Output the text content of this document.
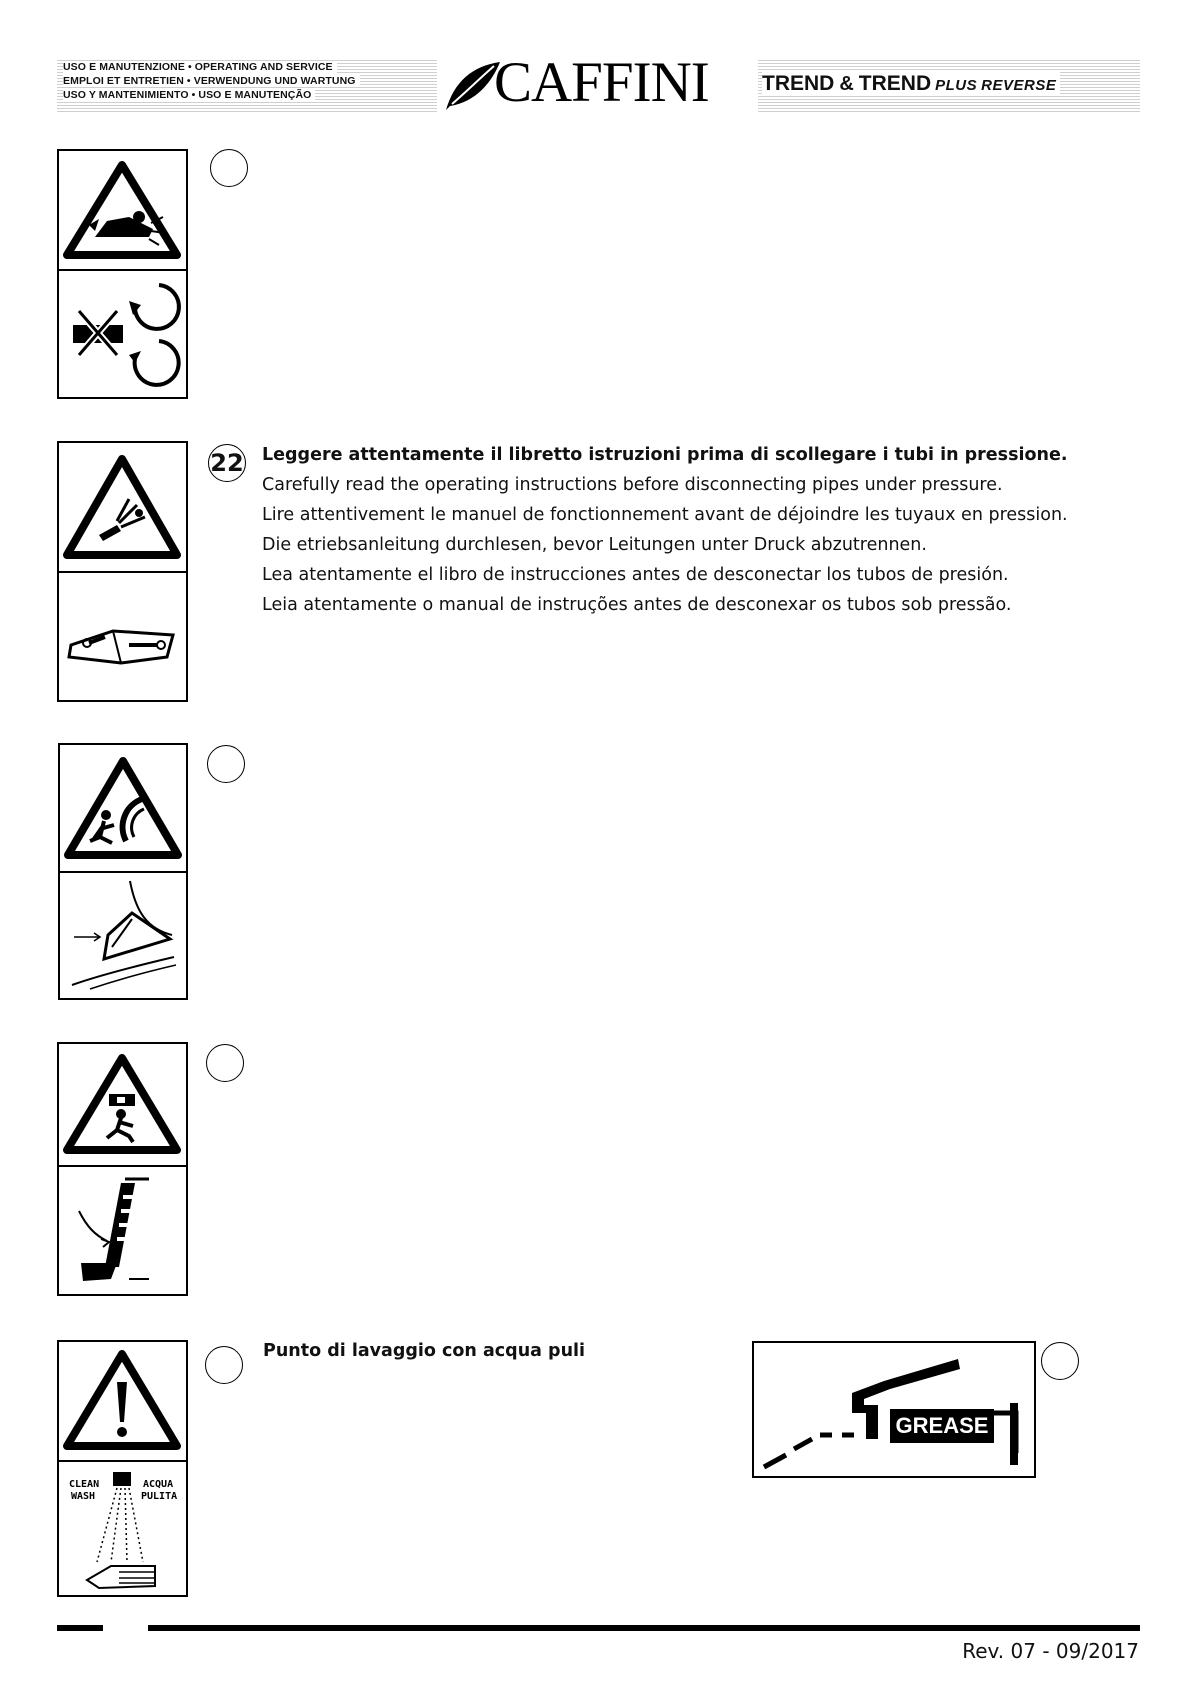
USO E MANUTENZIONE • OPERATING AND SERVICE
EMPLOI ET ENTRETIEN • VERWENDUNG UND WARTUNG
USO Y MANTENIMIENTO • USO E MANUTENÇÃO	CAFFINI	TREND & TREND PLUS REVERSE
22 Leggere attentamente il libretto istruzioni prima di scollegare i tubi in pressione.
Carefully read the operating instructions before disconnecting pipes under pressure.
Lire attentivement le manuel de fonctionnement avant de déjoindre les tuyaux en pression.
Die etriebsanleitung durchlesen, bevor Leitungen unter Druck abzutrennen.
Lea atentamente el libro de instrucciones antes de desconectar los tubos de presión.
Leia atentamente o manual de instruções antes de desconexar os tubos sob pressão.
CLEAN
WASH
ACQUA
PULITA
Punto di lavaggio con acqua puli
GREASE
Rev. 07 - 09/2017
